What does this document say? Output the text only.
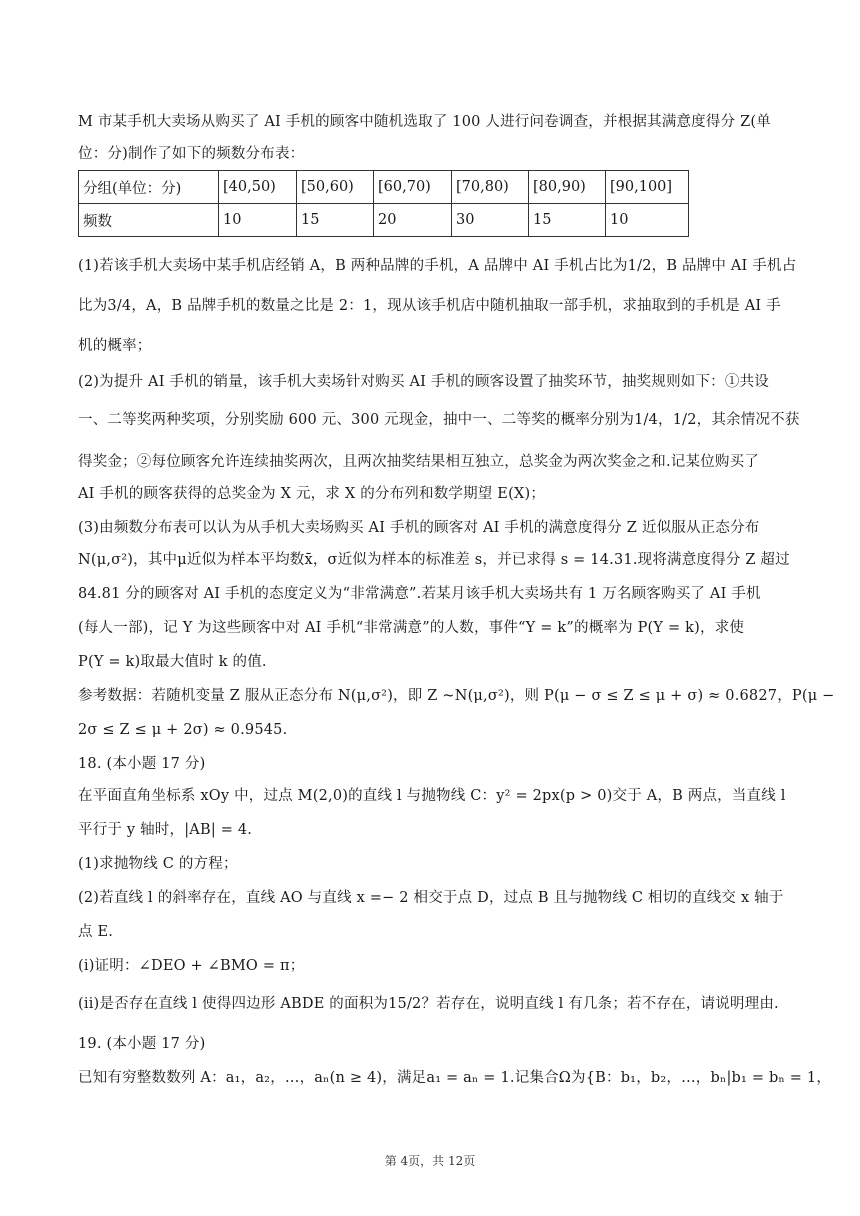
M 市某手机大卖场从购买了 AI 手机的顾客中随机选取了 100 人进行问卷调查，并根据其满意度得分 Z(单
位：分)制作了如下的频数分布表：
分组(单位：分)	[40,50)	[50,60)	[60,70)	[70,80)	[80,90)	[90,100]
频数	10	15	20	30	15	10
(1)若该手机大卖场中某手机店经销 A，B 两种品牌的手机，A 品牌中 AI 手机占比为1/2，B 品牌中 AI 手机占
比为3/4，A，B 品牌手机的数量之比是 2：1，现从该手机店中随机抽取一部手机，求抽取到的手机是 AI 手
机的概率；
(2)为提升 AI 手机的销量，该手机大卖场针对购买 AI 手机的顾客设置了抽奖环节，抽奖规则如下：①共设
一、二等奖两种奖项，分别奖励 600 元、300 元现金，抽中一、二等奖的概率分别为1/4，1/2，其余情况不获
得奖金；②每位顾客允许连续抽奖两次，且两次抽奖结果相互独立，总奖金为两次奖金之和.记某位购买了
AI 手机的顾客获得的总奖金为 X 元，求 X 的分布列和数学期望 E(X)；
(3)由频数分布表可以认为从手机大卖场购买 AI 手机的顾客对 AI 手机的满意度得分 Z 近似服从正态分布
N(μ,σ²)，其中μ近似为样本平均数x̄，σ近似为样本的标准差 s，并已求得 s = 14.31.现将满意度得分 Z 超过
84.81 分的顾客对 AI 手机的态度定义为“非常满意”.若某月该手机大卖场共有 1 万名顾客购买了 AI 手机
(每人一部)，记 Y 为这些顾客中对 AI 手机“非常满意”的人数，事件“Y = k”的概率为 P(Y = k)，求使
P(Y = k)取最大值时 k 的值.
参考数据：若随机变量 Z 服从正态分布 N(μ,σ²)，即 Z ~N(μ,σ²)，则 P(μ − σ ≤ Z ≤ μ + σ) ≈ 0.6827，P(μ −
2σ ≤ Z ≤ μ + 2σ) ≈ 0.9545.
18. (本小题 17 分)
在平面直角坐标系 xOy 中，过点 M(2,0)的直线 l 与抛物线 C：y² = 2px(p > 0)交于 A，B 两点，当直线 l
平行于 y 轴时，|AB| = 4.
(1)求抛物线 C 的方程；
(2)若直线 l 的斜率存在，直线 AO 与直线 x =− 2 相交于点 D，过点 B 且与抛物线 C 相切的直线交 x 轴于
点 E.
(i)证明：∠DEO + ∠BMO = π；
(ii)是否存在直线 l 使得四边形 ABDE 的面积为15/2？若存在，说明直线 l 有几条；若不存在，请说明理由.
19. (本小题 17 分)
已知有穷整数数列 A：a₁，a₂，…，aₙ(n ≥ 4)，满足a₁ = aₙ = 1.记集合Ω为{B：b₁，b₂，…，bₙ|b₁ = bₙ = 1，
第 4页，共 12页
